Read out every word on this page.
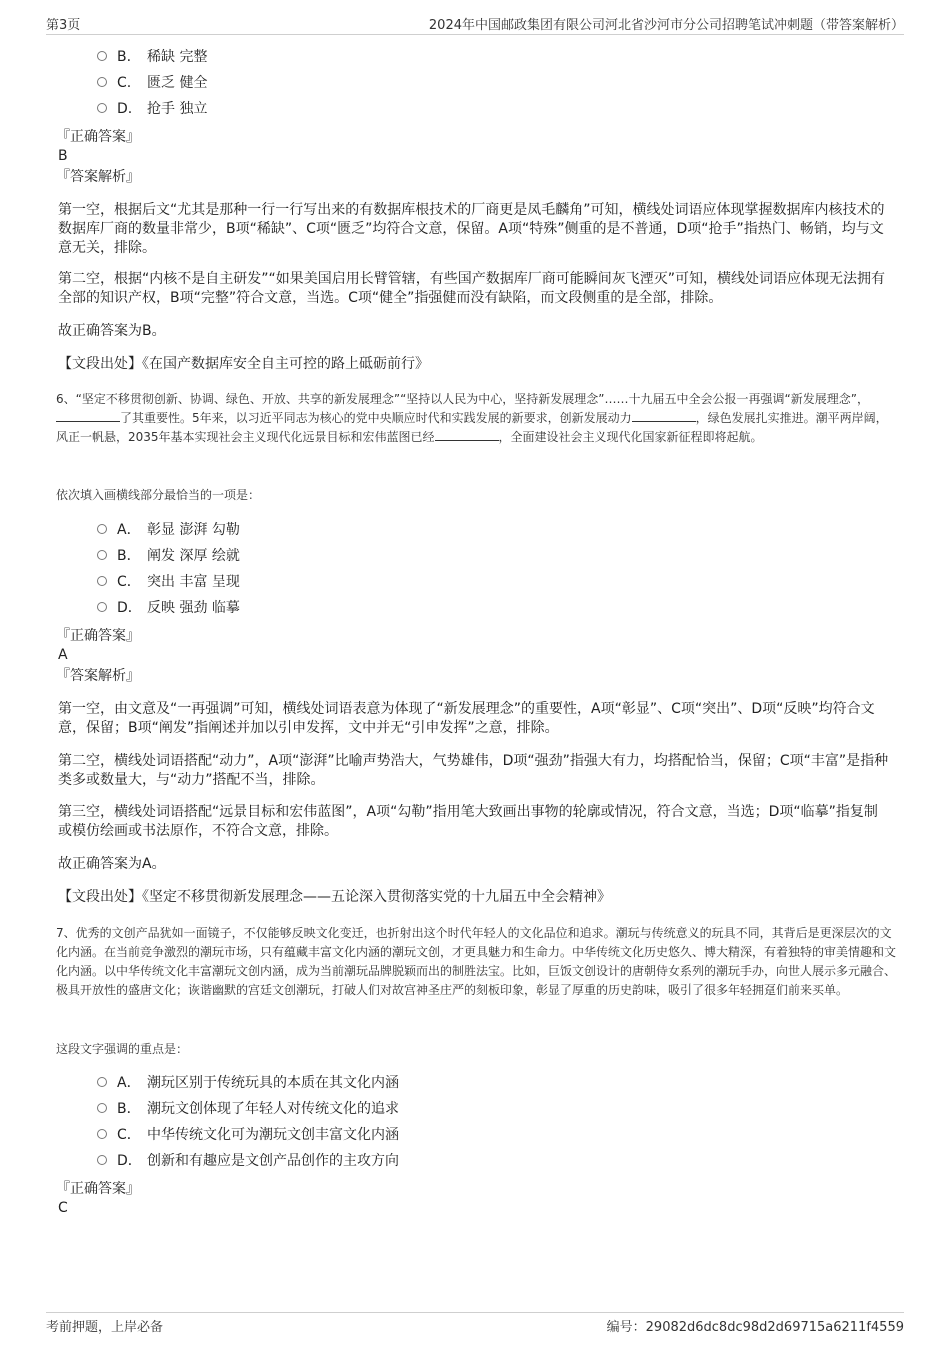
第3页	2024年中国邮政集团有限公司河北省沙河市分公司招聘笔试冲刺题（带答案解析）
B. 稀缺 完整
C. 匮乏 健全
D. 抢手 独立
『正确答案』
B
『答案解析』
第一空，根据后文“尤其是那种一行一行写出来的有数据库根技术的厂商更是凤毛麟角”可知，横线处词语应体现掌握数据库内核技术的数据库厂商的数量非常少，B项“稀缺”、C项“匮乏”均符合文意，保留。A项“特殊”侧重的是不普通，D项“抢手”指热门、畅销，均与文意无关，排除。
第二空，根据“内核不是自主研发”“如果美国启用长臂管辖，有些国产数据库厂商可能瞬间灰飞湮灭”可知，横线处词语应体现无法拥有全部的知识产权，B项“完整”符合文意，当选。C项“健全”指强健而没有缺陷，而文段侧重的是全部，排除。
故正确答案为B。
【文段出处】《在国产数据库安全自主可控的路上砥砺前行》
6、“坚定不移贯彻创新、协调、绿色、开放、共享的新发展理念”“坚持以人民为中心，坚持新发展理念”……十九届五中全会公报一再强调“新发展理念”，了其重要性。5年来，以习近平同志为核心的党中央顺应时代和实践发展的新要求，创新发展动力	，绿色发展扎实推进。潮平两岸阔，风正一帆悬，2035年基本实现社会主义现代化远景目标和宏伟蓝图已经	，全面建设社会主义现代化国家新征程即将起航。
依次填入画横线部分最恰当的一项是：
A． 彰显 澎湃 勾勒
B． 阐发 深厚 绘就
C． 突出 丰富 呈现
D． 反映 强劲 临摹
『正确答案』
A
『答案解析』
第一空，由文意及“一再强调”可知，横线处词语表意为体现了“新发展理念”的重要性，A项“彰显”、C项“突出”、D项“反映”均符合文意，保留；B项“阐发”指阐述并加以引申发挥，文中并无“引申发挥”之意，排除。
第二空，横线处词语搭配“动力”，A项“澎湃”比喻声势浩大，气势雄伟，D项“强劲”指强大有力，均搭配恰当，保留；C项“丰富”是指种类多或数量大，与“动力”搭配不当，排除。
第三空，横线处词语搭配“远景目标和宏伟蓝图”，A项“勾勒”指用笔大致画出事物的轮廓或情况，符合文意，当选；D项“临摹”指复制或模仿绘画或书法原作，不符合文意，排除。
故正确答案为A。
【文段出处】《坚定不移贯彻新发展理念——五论深入贯彻落实党的十九届五中全会精神》
7、优秀的文创产品犹如一面镜子，不仅能够反映文化变迁，也折射出这个时代年轻人的文化品位和追求。潮玩与传统意义的玩具不同，其背后是更深层次的文化内涵。在当前竞争激烈的潮玩市场，只有蕴藏丰富文化内涵的潮玩文创，才更具魅力和生命力。中华传统文化历史悠久、博大精深，有着独特的审美情趣和文化内涵。以中华传统文化丰富潮玩文创内涵，成为当前潮玩品牌脱颖而出的制胜法宝。比如，巨饭文创设计的唐朝侍女系列的潮玩手办，向世人展示多元融合、极具开放性的盛唐文化；诙谐幽默的宫廷文创潮玩，打破人们对故宫神圣庄严的刻板印象，彰显了厚重的历史韵味，吸引了很多年轻拥趸们前来买单。
这段文字强调的重点是：
A． 潮玩区别于传统玩具的本质在其文化内涵
B． 潮玩文创体现了年轻人对传统文化的追求
C． 中华传统文化可为潮玩文创丰富文化内涵
D． 创新和有趣应是文创产品创作的主攻方向
『正确答案』
C
考前押题，上岸必备	编号：29082d6dc8dc98d2d69715a6211f4559
